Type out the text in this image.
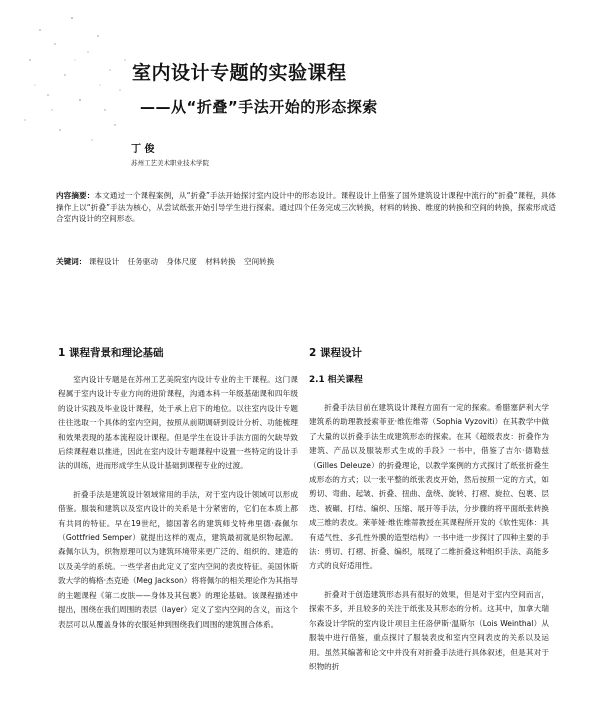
室内设计专题的实验课程
——从“折叠”手法开始的形态探索
丁 俊
苏州工艺美术职业技术学院
内容摘要：本文通过一个课程案例，从“折叠”手法开始探讨室内设计中的形态设计。课程设计上借鉴了国外建筑设计课程中流行的“折叠”课程，具体操作上以“折叠”手法为核心，从尝试纸张开始引导学生进行探索。通过四个任务完成三次转换，材料的转换、维度的转换和空间的转换，探索形成适合室内设计的空间形态。
关键词： 课程设计 任务驱动 身体尺度 材料转换 空间转换
1 课程背景和理论基础

室内设计专题是在苏州工艺美院室内设计专业的主干课程。这门课程属于室内设计专业方向的进阶课程，沟通本科一年级基础课和四年级的设计实践及毕业设计课程，处于承上启下的地位。以往室内设计专题往往选取一个具体的室内空间，按照从前期调研到设计分析、功能梳理和效果表现的基本流程设计课程。但是学生在设计手法方面的欠缺导致后续课程难以推进，因此在室内设计专题课程中设置一些特定的设计手法的训练，进而形成学生从设计基础到课程专业的过渡。

折叠手法是建筑设计领域常用的手法，对于室内设计领域可以形成借鉴。服装和建筑以及室内设计的关系是十分紧密的，它们在本质上都有共同的特征。早在19世纪，德国著名的建筑师戈特弗里德·森佩尔（Gottfried Semper）就提出这样的观点，建筑最初就是织物起源。森佩尔认为，织物原理可以为建筑环境带来更广泛的、组织的、建造的以及美学的系统。一些学者由此定义了室内空间的表皮特征。美国休斯敦大学的梅格·杰克逊（Meg Jackson）将将佩尔的相关理论作为其指导的主题课程《第二皮肤——身体及其包裹》的理论基础。该课程描述中提出，围绕在我们周围的表层（layer）定义了室内空间的含义，而这个表层可以从覆盖身体的衣服延伸到围绕我们周围的建筑围合体系。

2 课程设计
2.1 相关课程

折叠手法目前在建筑设计课程方面有一定的探索。希腊塞萨利大学建筑系的助理教授索菲亚·维佐维蒂（Sophia Vyzoviti）在其教学中做了大量的以折叠手法生成建筑形态的探索。在其《超级表皮：折叠作为建筑、产品以及服装形式生成的手段》一书中，借鉴了吉尔·德勒兹（Gilles Deleuze）的折叠理论，以教学案例的方式探讨了纸张折叠生成形态的方式；以一张平整的纸张表皮开始，然后按照一定的方式，如剪切、弯曲、起皱、折叠、扭曲、盘绕、旋转、打褶、旋拉、包裹、层迭、被碾、打结、编织、压缩、展开等手法，分步骤的将平面纸张转换成三维的表皮。莱菲娅·维佐维蒂教授在其课程所开发的《软性宪体：具有适气性、多孔性外膜的造型结构》一书中进一步探讨了四种主要的手法：剪切、打褶、折叠、编织，展现了二维折叠这种组织手法、高能多方式的良好适用性。

折叠对于创造建筑形态具有很好的效果，但是对于室内空间而言，探索不多，并且较多的关注于纸张及其形态的分析。这其中，加拿大瑞尔森设计学院的室内设计项目主任洛伊斯·温斯尔（Lois Weinthal）从服装中进行借鉴，重点探讨了服装表皮和室内空间表皮的关系以及运用。虽然其编著和论文中并没有对折叠手法进行具体叙述，但是其对于织物的折
